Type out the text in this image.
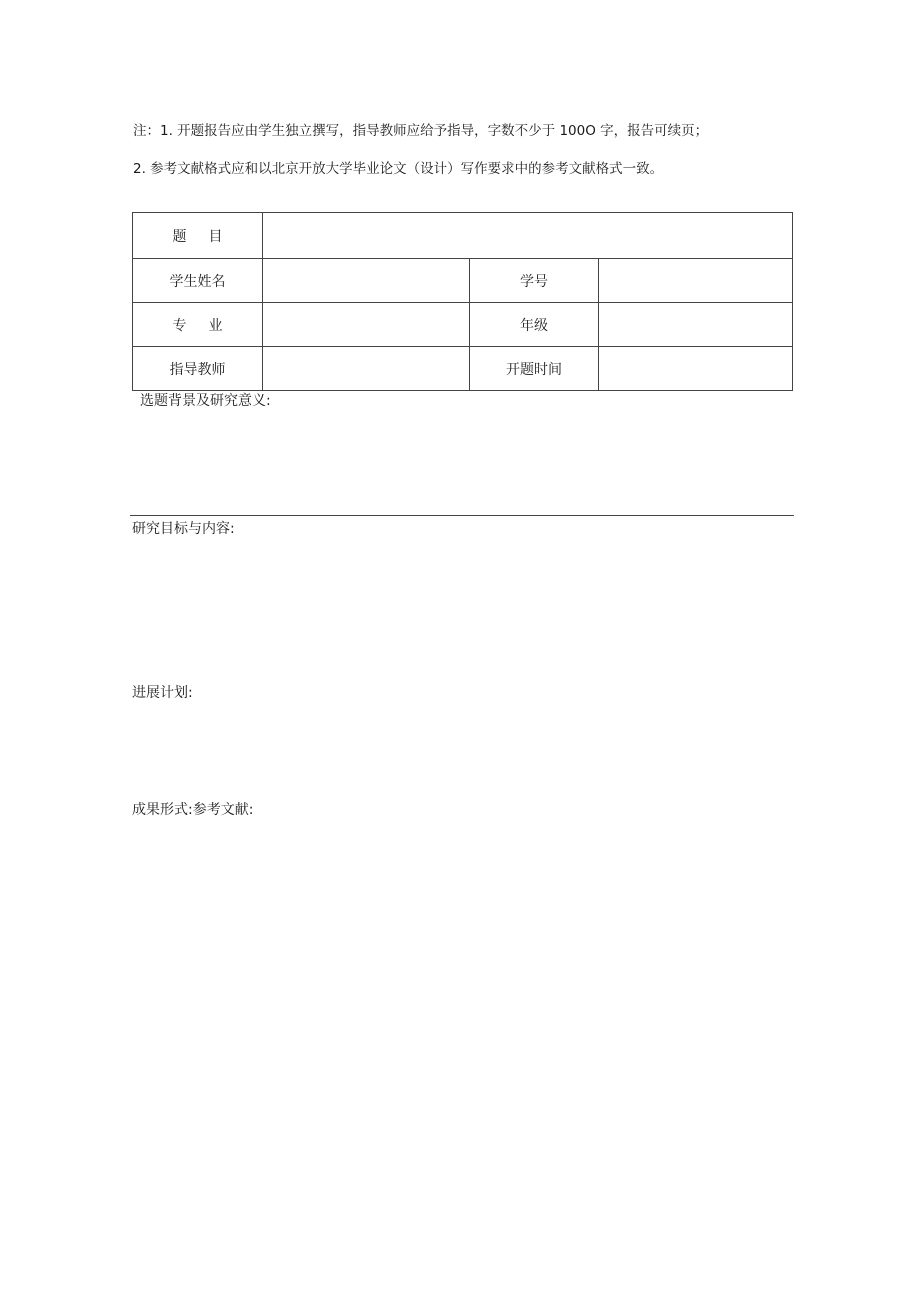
注：1. 开题报告应由学生独立撰写，指导教师应给予指导，字数不少于 100O 字，报告可续页；
2. 参考文献格式应和以北京开放大学毕业论文（设计）写作要求中的参考文献格式一致。
题目			
学生姓名		学号	
专业		年级	
指导教师		开题时间	
选题背景及研究意义:
研究目标与内容:
进展计划:
成果形式:参考文献:
